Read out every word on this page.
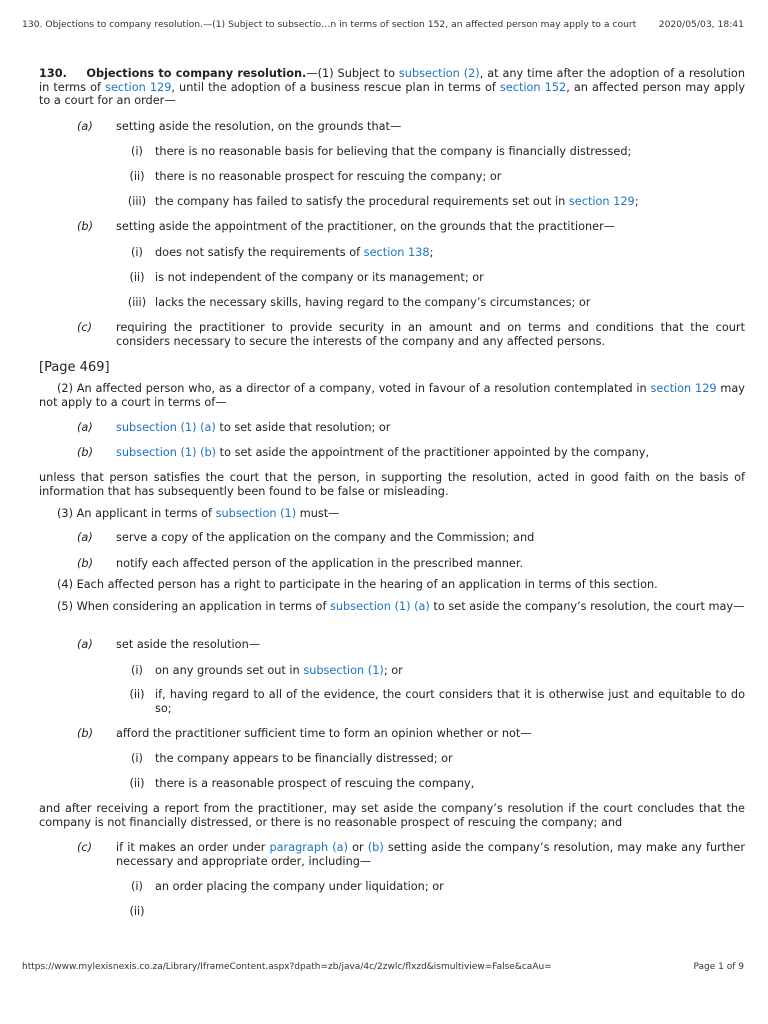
130. Objections to company resolution.—(1) Subject to subsectio…n in terms of section 152, an affected person may apply to a court 2020/05/03, 18:41
130. Objections to company resolution.—(1) Subject to subsection (2), at any time after the adoption of a resolution in terms of section 129, until the adoption of a business rescue plan in terms of section 152, an affected person may apply to a court for an order—
(a) setting aside the resolution, on the grounds that—
(i)	there is no reasonable basis for believing that the company is financially distressed;
(ii) there is no reasonable prospect for rescuing the company; or
(iii) the company has failed to satisfy the procedural requirements set out in section 129;
(b) setting aside the appointment of the practitioner, on the grounds that the practitioner—
(i)	does not satisfy the requirements of section 138;
(ii) is not independent of the company or its management; or
(iii) lacks the necessary skills, having regard to the company’s circumstances; or
(c) requiring the practitioner to provide security in an amount and on terms and conditions that the court considers necessary to secure the interests of the company and any affected persons.
[Page 469]
(2) An affected person who, as a director of a company, voted in favour of a resolution contemplated in section 129 may not apply to a court in terms of—
(a) subsection (1) (a) to set aside that resolution; or
(b) subsection (1) (b) to set aside the appointment of the practitioner appointed by the company,
unless that person satisfies the court that the person, in supporting the resolution, acted in good faith on the basis of information that has subsequently been found to be false or misleading.
(3) An applicant in terms of subsection (1) must—
(a) serve a copy of the application on the company and the Commission; and
(b) notify each affected person of the application in the prescribed manner.
(4) Each affected person has a right to participate in the hearing of an application in terms of this section.
(5) When considering an application in terms of subsection (1) (a) to set aside the company’s resolution, the court may—
(a) set aside the resolution—
(i)	on any grounds set out in subsection (1); or
(ii) if, having regard to all of the evidence, the court considers that it is otherwise just and equitable to do so;
(b) afford the practitioner sufficient time to form an opinion whether or not—
(i)	the company appears to be financially distressed; or
(ii) there is a reasonable prospect of rescuing the company,
and after receiving a report from the practitioner, may set aside the company’s resolution if the court concludes that the company is not financially distressed, or there is no reasonable prospect of rescuing the company; and
(c) if it makes an order under paragraph (a) or (b) setting aside the company’s resolution, may make any further necessary and appropriate order, including—
(i)	an order placing the company under liquidation; or
(ii)
https://www.mylexisnexis.co.za/Library/IframeContent.aspx?dpath=zb/java/4c/2zwlc/flxzd&ismultiview=False&caAu=	Page 1 of 9
